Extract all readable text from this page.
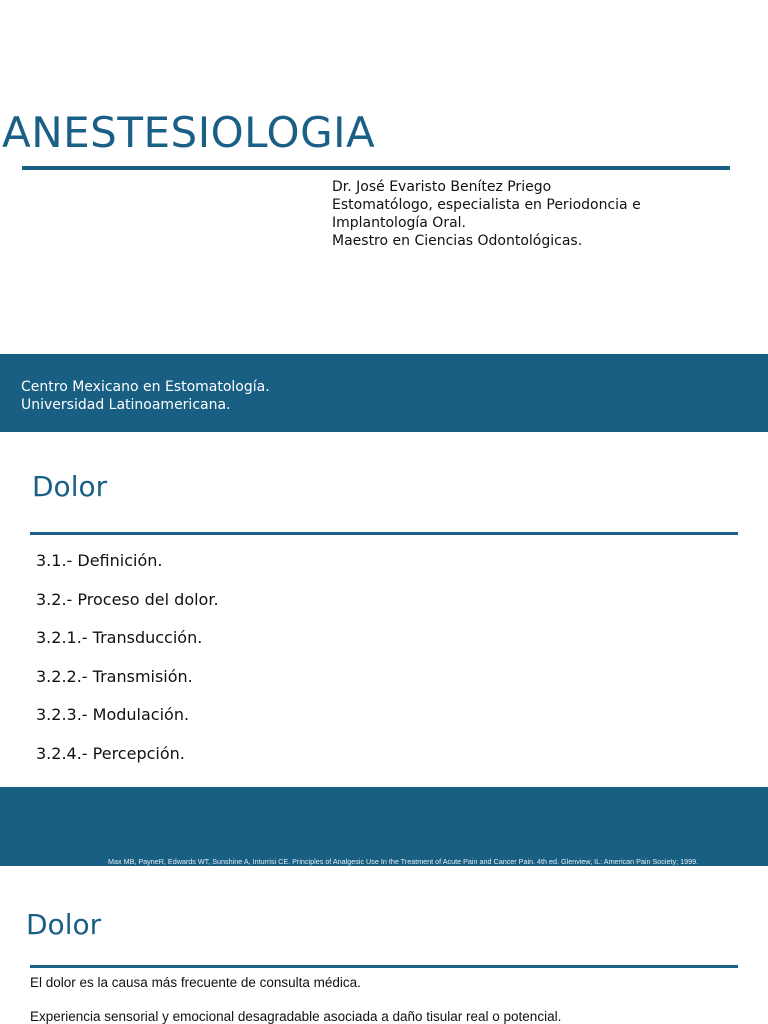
ANESTESIOLOGIA
Dr. José Evaristo Benítez Priego
Estomatólogo, especialista en Periodoncia e
Implantología Oral.
Maestro en Ciencias Odontológicas.
Centro Mexicano en Estomatología.
Universidad Latinoamericana.
Dolor
3.1.- Definición.
3.2.- Proceso del dolor.
3.2.1.- Transducción.
3.2.2.- Transmisión.
3.2.3.- Modulación.
3.2.4.- Percepción.
Max MB, PayneR, Edwards WT, Sunshine A, Inturrisi CE. Principles of Analgesic Use In the Treatment of Acute Pain and Cancer Pain. 4th ed. Glenview, IL: American Pain Society; 1999.
Dolor
El dolor es la causa más frecuente de consulta médica.
Experiencia sensorial y emocional desagradable asociada a daño tisular real o potencial.
